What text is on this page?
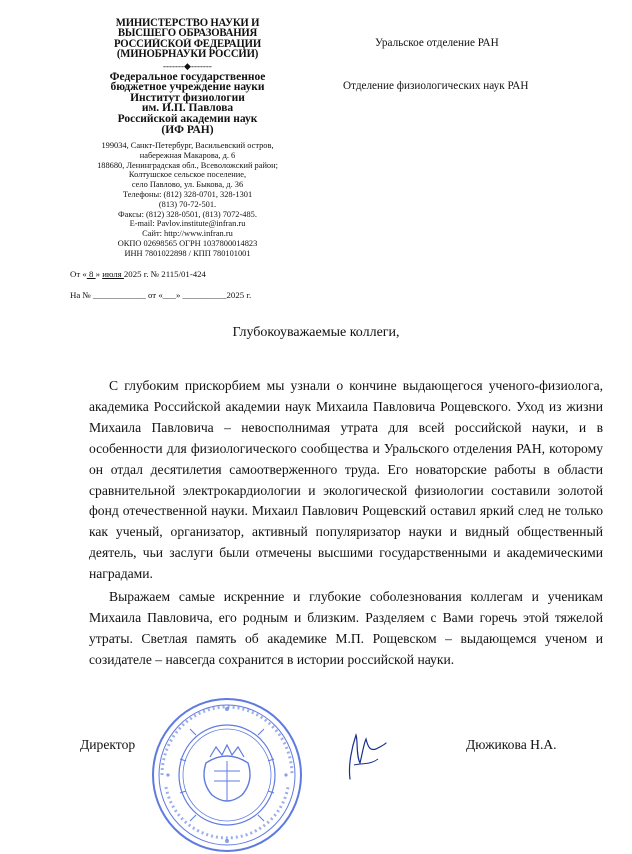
МИНИСТЕРСТВО НАУКИ И
ВЫСШЕГО ОБРАЗОВАНИЯ
РОССИЙСКОЙ ФЕДЕРАЦИИ
(МИНОБРНАУКИ РОССИИ)
-------◆-------
Федеральное государственное
бюджетное учреждение науки
Институт физиологии
им. И.П. Павлова
Российской академии наук
(ИФ РАН)
199034, Санкт-Петербург, Васильевский остров,
набережная Макарова, д. 6
188680, Ленинградская обл., Всеволожский район;
Колтушское сельское поселение,
село Павлово, ул. Быкова, д. 36
Телефоны: (812) 328-0701, 328-1301
(813) 70-72-501.
Факсы: (812) 328-0501, (813) 7072-485.
E-mail: Pavlov.institute@infran.ru
Сайт: http://www.infran.ru
ОКПО 02698565 ОГРН 1037800014823
ИНН 7801022898 / КПП 780101001
От « 8 » июля 2025 г. № 2115/01-424
На № ____________ от «___» __________2025 г.
Уральское отделение РАН
Отделение физиологических наук РАН
Глубокоуважаемые коллеги,

С глубоким прискорбием мы узнали о кончине выдающегося ученого-физиолога, академика Российской академии наук Михаила Павловича Рощевского. Уход из жизни Михаила Павловича – невосполнимая утрата для всей российской науки, и в особенности для физиологического сообщества и Уральского отделения РАН, которому он отдал десятилетия самоотверженного труда. Его новаторские работы в области сравнительной электрокардиологии и экологической физиологии составили золотой фонд отечественной науки. Михаил Павлович Рощевский оставил яркий след не только как ученый, организатор, активный популяризатор науки и видный общественный деятель, чьи заслуги были отмечены высшими государственными и академическими наградами.

Выражаем самые искренние и глубокие соболезнования коллегам и ученикам Михаила Павловича, его родным и близким. Разделяем с Вами горечь этой тяжелой утраты. Светлая память об академике М.П. Рощевском – выдающемся ученом и созидателе – навсегда сохранится в истории российской науки.

Директор	Дюжикова Н.А.
